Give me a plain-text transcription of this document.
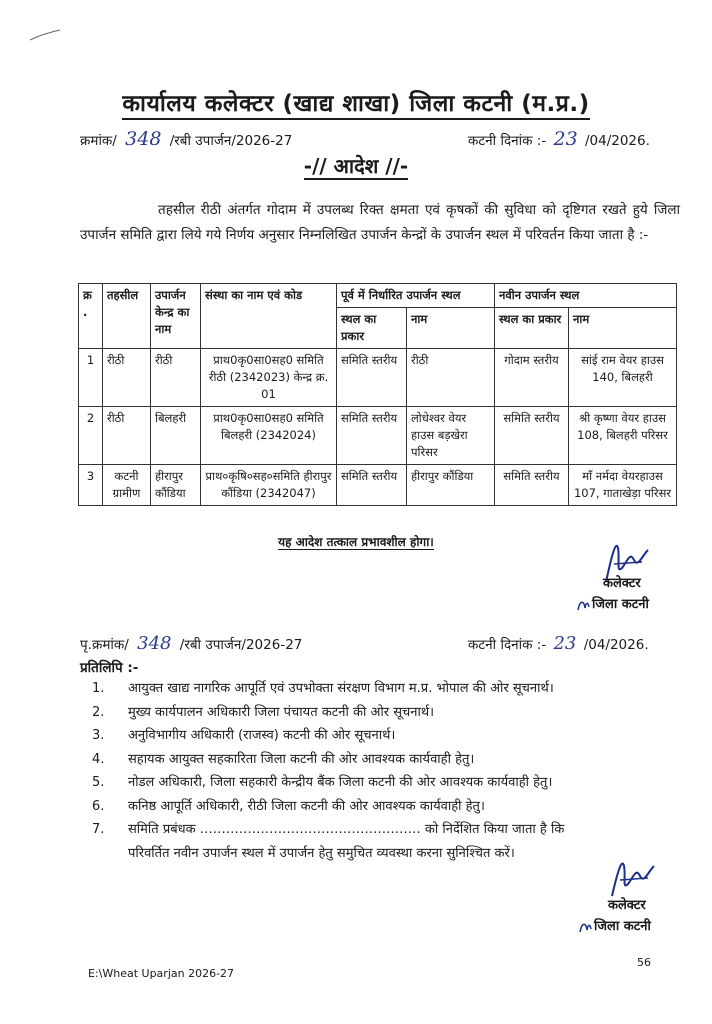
कार्यालय कलेक्टर (खाद्य शाखा) जिला कटनी (म.प्र.)
क्रमांक/ 348 /रबी उपार्जन/2026-27	कटनी दिनांक :- 23 /04/2026.
-// आदेश //-
तहसील रीठी अंतर्गत गोदाम में उपलब्ध रिक्त क्षमता एवं कृषकों की सुविधा को दृष्टिगत रखते हुये जिला उपार्जन समिति द्वारा लिये गये निर्णय अनुसार निम्नलिखित उपार्जन केन्द्रों के उपार्जन स्थल में परिवर्तन किया जाता है :-
क्र .	तहसील	उपार्जन केन्द्र का नाम	संस्था का नाम एवं कोड	पूर्व में निर्धारित उपार्जन स्थल		नवीन उपार्जन स्थल	
				स्थल का प्रकार	नाम	स्थल का प्रकार	नाम
1	रीठी	रीठी	प्राथ0कृ0सा0सह0 समिति रीठी (2342023) केन्द्र क्र. 01	समिति स्तरीय	रीठी	गोदाम स्तरीय	सांई राम वेयर हाउस 140, बिलहरी
2	रीठी	बिलहरी	प्राथ0कृ0सा0सह0 समिति बिलहरी (2342024)	समिति स्तरीय	लोधेश्वर वेयर हाउस बड़खेरा परिसर	समिति स्तरीय	श्री कृष्णा वेयर हाउस 108, बिलहरी परिसर
3	कटनी ग्रामीण	हीरापुर कौंडिया	प्राथ०कृषि०सह०समिति हीरापुर कौंडिया (2342047)	समिति स्तरीय	हीरापुर कौंडिया	समिति स्तरीय	मॉं नर्मदा वेयरहाउस 107, गाताखेड़ा परिसर
यह आदेश तत्काल प्रभावशील होगा।
कलेक्टर
जिला कटनी
पृ.क्रमांक/ 348 /रबी उपार्जन/2026-27	कटनी दिनांक :- 23 /04/2026.
प्रतिलिपि :-
1.	आयुक्त खाद्य नागरिक आपूर्ति एवं उपभोक्ता संरक्षण विभाग म.प्र. भोपाल की ओर सूचनार्थ।
2.	मुख्य कार्यपालन अधिकारी जिला पंचायत कटनी की ओर सूचनार्थ।
3.	अनुविभागीय अधिकारी (राजस्व) कटनी की ओर सूचनार्थ।
4.	सहायक आयुक्त सहकारिता जिला कटनी की ओर आवश्यक कार्यवाही हेतु।
5.	नोडल अधिकारी, जिला सहकारी केन्द्रीय बैंक जिला कटनी की ओर आवश्यक कार्यवाही हेतु।
6.	कनिष्ठ आपूर्ति अधिकारी, रीठी जिला कटनी की ओर आवश्यक कार्यवाही हेतु।
7.	समिति प्रबंधक …………………………………………… को निर्देशित किया जाता है कि
परिवर्तित नवीन उपार्जन स्थल में उपार्जन हेतु समुचित व्यवस्था करना सुनिश्चित करें।
कलेक्टर
जिला कटनी
56
E:\Wheat Uparjan 2026-27
